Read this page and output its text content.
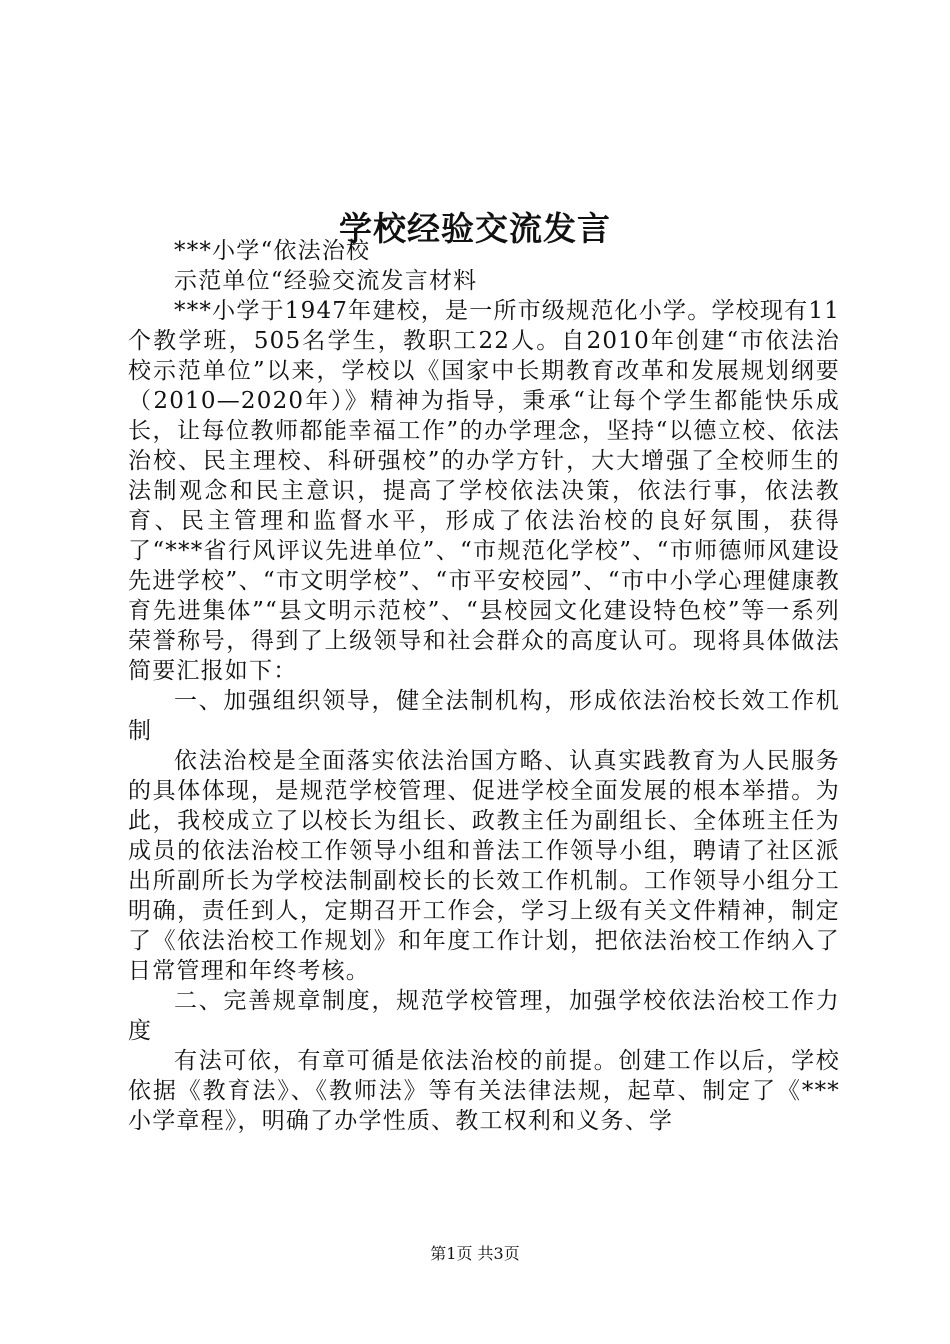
学校经验交流发言

***小学“依法治校

示范单位“经验交流发言材料

***小学于1947年建校，是一所市级规范化小学。学校现有11个教学班，505名学生，教职工22人。自2010年创建“市依法治校示范单位”以来，学校以《国家中长期教育改革和发展规划纲要（2010—2020年）》精神为指导，秉承“让每个学生都能快乐成长，让每位教师都能幸福工作”的办学理念，坚持“以德立校、依法治校、民主理校、科研强校”的办学方针，大大增强了全校师生的法制观念和民主意识，提高了学校依法决策，依法行事，依法教育、民主管理和监督水平，形成了依法治校的良好氛围，获得了“***省行风评议先进单位”、“市规范化学校”、“市师德师风建设先进学校”、“市文明学校”、“市平安校园”、“市中小学心理健康教育先进集体”“县文明示范校”、“县校园文化建设特色校”等一系列荣誉称号，得到了上级领导和社会群众的高度认可。现将具体做法简要汇报如下：

一、加强组织领导，健全法制机构，形成依法治校长效工作机制

依法治校是全面落实依法治国方略、认真实践教育为人民服务的具体体现，是规范学校管理、促进学校全面发展的根本举措。为此，我校成立了以校长为组长、政教主任为副组长、全体班主任为成员的依法治校工作领导小组和普法工作领导小组，聘请了社区派出所副所长为学校法制副校长的长效工作机制。工作领导小组分工明确，责任到人，定期召开工作会，学习上级有关文件精神，制定了《依法治校工作规划》和年度工作计划，把依法治校工作纳入了日常管理和年终考核。

二、完善规章制度，规范学校管理，加强学校依法治校工作力度

有法可依，有章可循是依法治校的前提。创建工作以后，学校依据《教育法》、《教师法》等有关法律法规，起草、制定了《***小学章程》，明确了办学性质、教工权利和义务、学

第1页 共3页
